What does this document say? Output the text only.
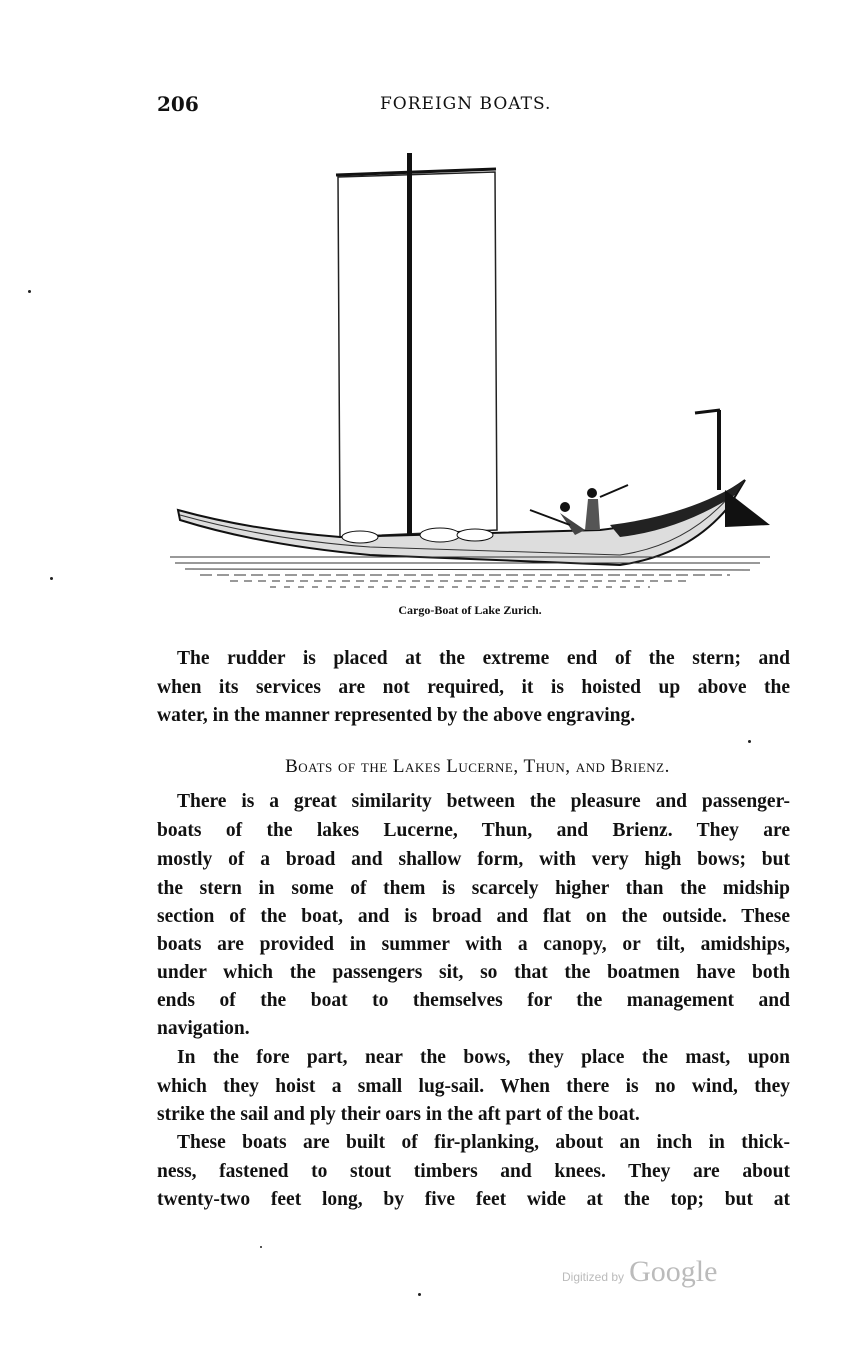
206	FOREIGN BOATS.
Cargo-Boat of Lake Zurich.
The rudder is placed at the extreme end of the stern; and
when its services are not required, it is hoisted up above the
water, in the manner represented by the above engraving.
Boats of the Lakes Lucerne, Thun, and Brienz.
There is a great similarity between the pleasure and passenger-
boats of the lakes Lucerne, Thun, and Brienz. They are
mostly of a broad and shallow form, with very high bows; but
the stern in some of them is scarcely higher than the midship
section of the boat, and is broad and flat on the outside. These
boats are provided in summer with a canopy, or tilt, amidships,
under which the passengers sit, so that the boatmen have both
ends of the boat to themselves for the management and
navigation.
In the fore part, near the bows, they place the mast, upon
which they hoist a small lug-sail. When there is no wind, they
strike the sail and ply their oars in the aft part of the boat.
These boats are built of fir-planking, about an inch in thick-
ness, fastened to stout timbers and knees. They are about
twenty-two feet long, by five feet wide at the top; but at
Digitized by Google
